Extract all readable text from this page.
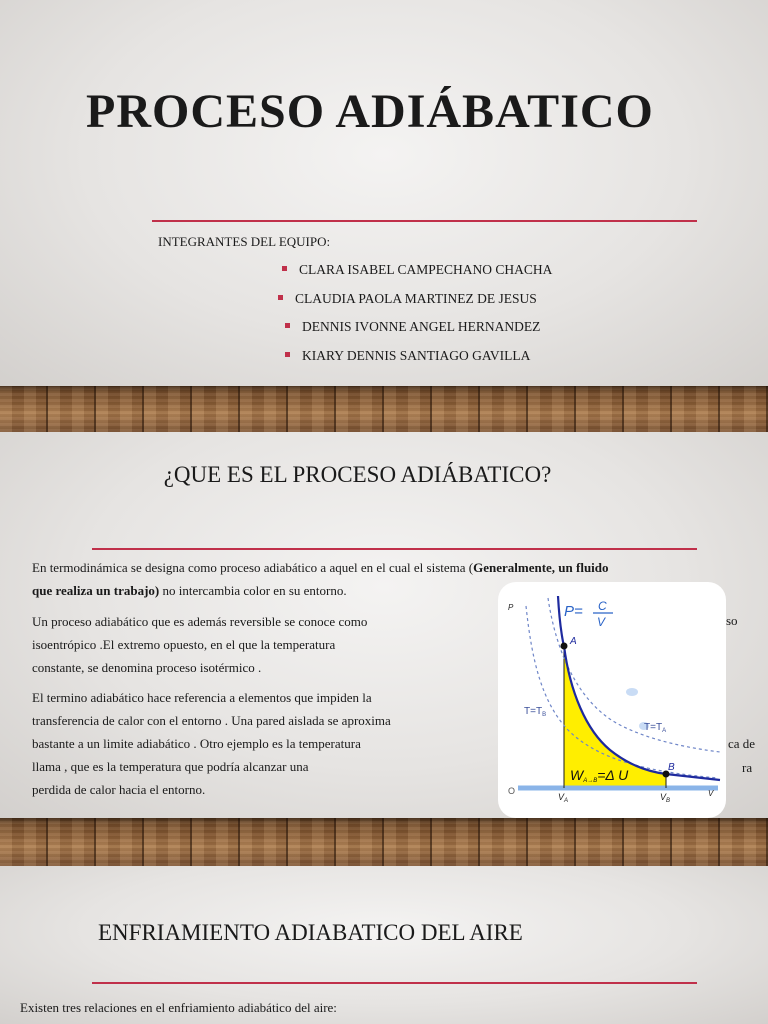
PROCESO ADIÁBATICO
INTEGRANTES DEL EQUIPO:
CLARA ISABEL CAMPECHANO CHACHA
CLAUDIA PAOLA MARTINEZ DE JESUS
DENNIS IVONNE ANGEL HERNANDEZ
KIARY DENNIS SANTIAGO GAVILLA
¿QUE ES EL PROCESO ADIÁBATICO?
En termodinámica se designa como proceso adiabático a aquel en el cual el sistema (Generalmente, un fluido
que realiza un trabajo) no intercambia color en su entorno.
Un proceso adiabático que es además reversible se conoce como
isoentrópico .El extremo opuesto, en el que la temperatura
constante, se denomina proceso isotérmico .
El termino adiabático hace referencia a elementos que impiden la
transferencia de calor con el entorno . Una pared aislada se aproxima
bastante a un limite adiabático . Otro ejemplo es la temperatura
llama , que es la temperatura que podría alcanzar una
perdida de calor hacia el entorno.
so
ca de
ra
P
V
O
P= C
V
A
B
$T=T_B$
$T=T_A$
WA→B=Δ U
$V_A$	$V_B$
ENFRIAMIENTO ADIABATICO DEL AIRE
Existen tres relaciones en el enfriamiento adiabático del aire:
